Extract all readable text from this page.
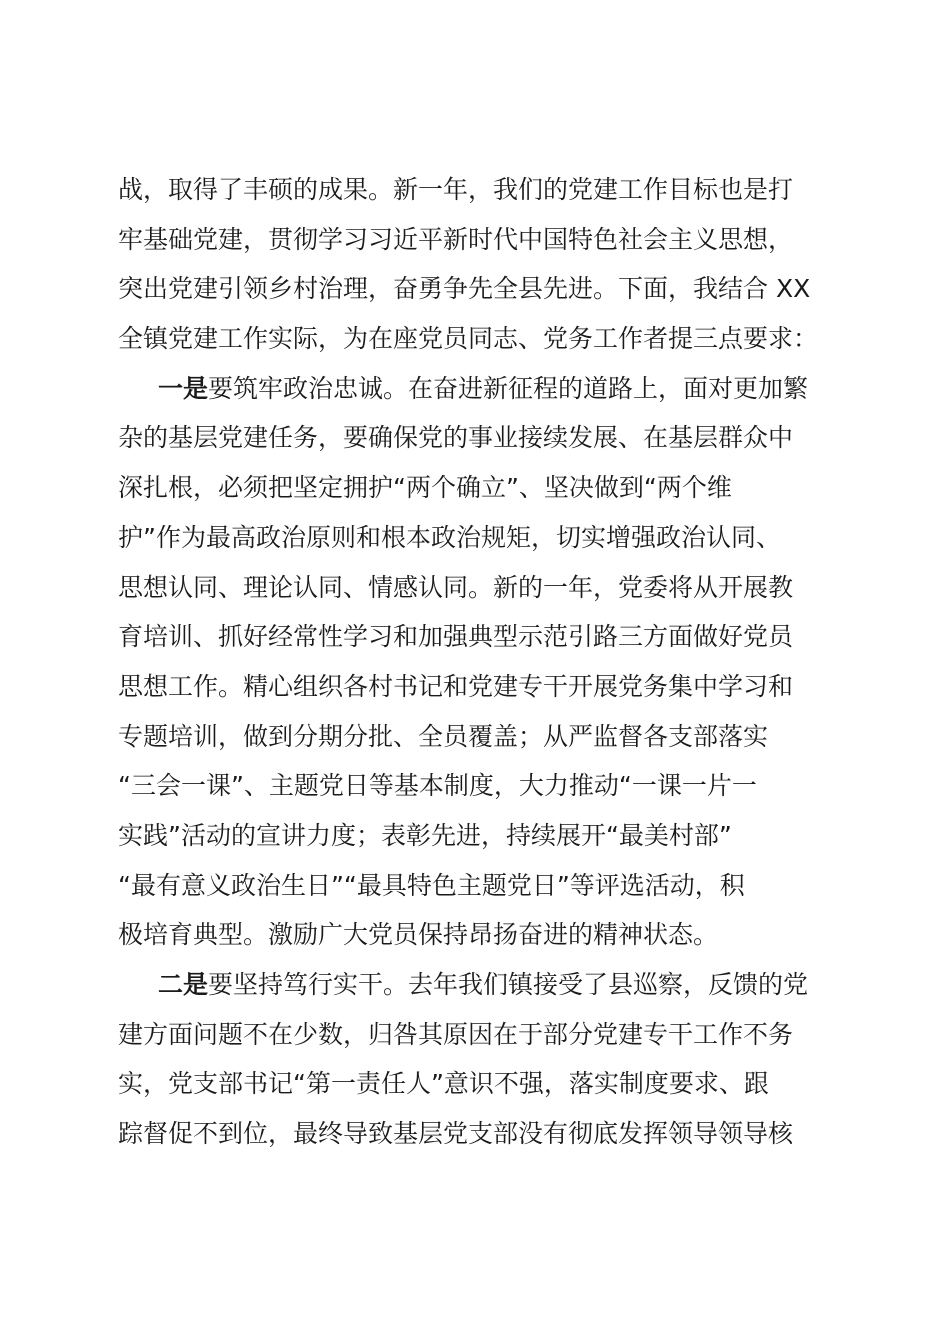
战，取得了丰硕的成果。新一年，我们的党建工作目标也是打
牢基础党建，贯彻学习习近平新时代中国特色社会主义思想，
突出党建引领乡村治理，奋勇争先全县先进。下面，我结合 XX
全镇党建工作实际，为在座党员同志、党务工作者提三点要求：
一是要筑牢政治忠诚。在奋进新征程的道路上，面对更加繁
杂的基层党建任务，要确保党的事业接续发展、在基层群众中
深扎根，必须把坚定拥护“两个确立”、坚决做到“两个维
护”作为最高政治原则和根本政治规矩，切实增强政治认同、
思想认同、理论认同、情感认同。新的一年，党委将从开展教
育培训、抓好经常性学习和加强典型示范引路三方面做好党员
思想工作。精心组织各村书记和党建专干开展党务集中学习和
专题培训，做到分期分批、全员覆盖；从严监督各支部落实
“三会一课”、主题党日等基本制度，大力推动“一课一片一
实践”活动的宣讲力度；表彰先进，持续展开“最美村部”
“最有意义政治生日”“最具特色主题党日”等评选活动，积
极培育典型。激励广大党员保持昂扬奋进的精神状态。
二是要坚持笃行实干。去年我们镇接受了县巡察，反馈的党
建方面问题不在少数，归咎其原因在于部分党建专干工作不务
实，党支部书记“第一责任人”意识不强，落实制度要求、跟
踪督促不到位，最终导致基层党支部没有彻底发挥领导领导核
